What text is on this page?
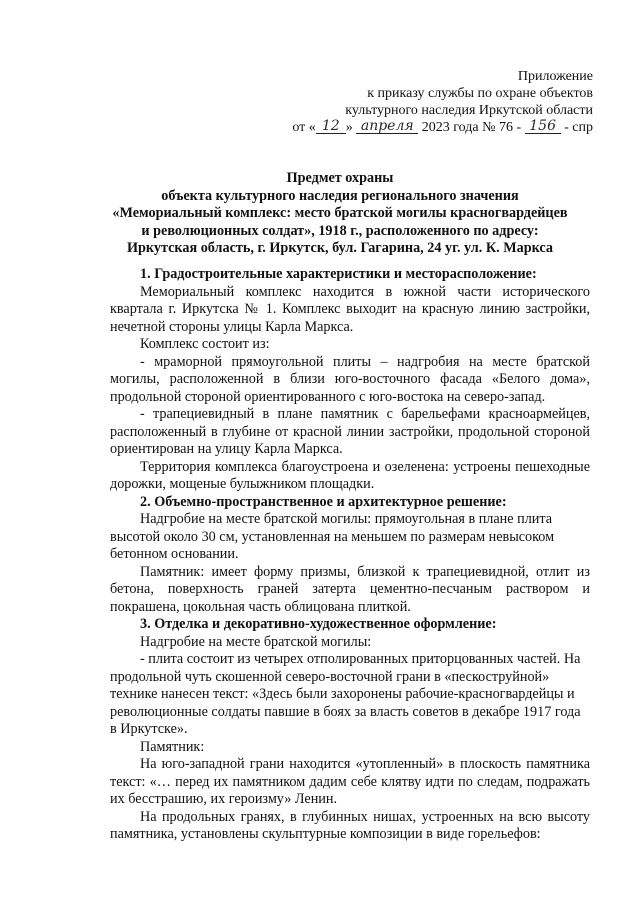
Приложение
к приказу службы по охране объектов
культурного наследия Иркутской области
от « 12 » апреля 2023 года № 76 - 156 - спр
Предмет охраны
объекта культурного наследия регионального значения
«Мемориальный комплекс: место братской могилы красногвардейцев
и революционных солдат», 1918 г., расположенного по адресу:
Иркутская область, г. Иркутск, бул. Гагарина, 24 уг. ул. К. Маркса

1. Градостроительные характеристики и месторасположение:

Мемориальный комплекс находится в южной части исторического квартала г. Иркутска № 1. Комплекс выходит на красную линию застройки, нечетной стороны улицы Карла Маркса.

Комплекс состоит из:

- мраморной прямоугольной плиты – надгробия на месте братской могилы, расположенной в близи юго-восточного фасада «Белого дома», продольной стороной ориентированного с юго-востока на северо-запад.

- трапециевидный в плане памятник с барельефами красноармейцев, расположенный в глубине от красной линии застройки, продольной стороной ориентирован на улицу Карла Маркса.

Территория комплекса благоустроена и озеленена: устроены пешеходные дорожки, мощеные булыжником площадки.

2. Объемно-пространственное и архитектурное решение:

Надгробие на месте братской могилы: прямоугольная в плане плита высотой около 30 см, установленная на меньшем по размерам невысоком бетонном основании.

Памятник: имеет форму призмы, близкой к трапециевидной, отлит из бетона, поверхность граней затерта цементно-песчаным раствором и покрашена, цокольная часть облицована плиткой.

3. Отделка и декоративно-художественное оформление:

Надгробие на месте братской могилы:

- плита состоит из четырех отполированных приторцованных частей. На продольной чуть скошенной северо-восточной грани в «пескоструйной» технике нанесен текст: «Здесь были захоронены рабочие-красногвардейцы и революционные солдаты павшие в боях за власть советов в декабре 1917 года в Иркутске».

Памятник:

На юго-западной грани находится «утопленный» в плоскость памятника текст: «… перед их памятником дадим себе клятву идти по следам, подражать их бесстрашию, их героизму» Ленин.

На продольных гранях, в глубинных нишах, устроенных на всю высоту памятника, установлены скульптурные композиции в виде горельефов:
